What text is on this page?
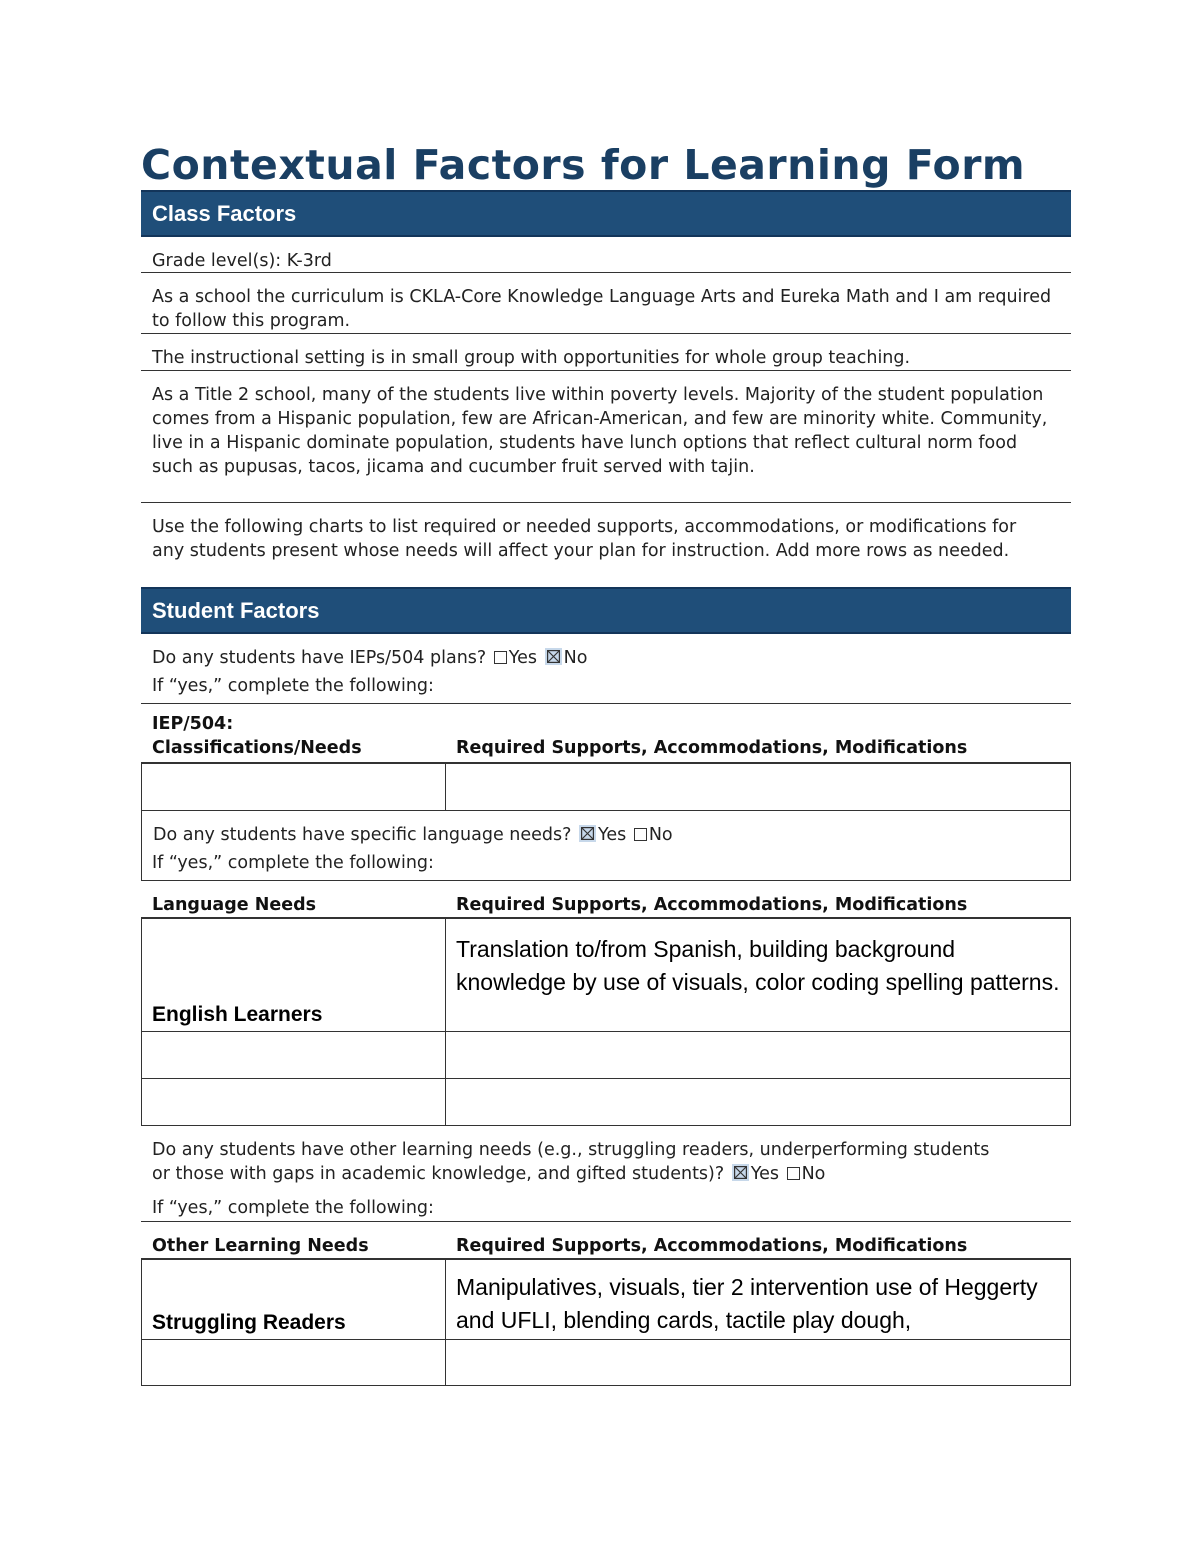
Contextual Factors for Learning Form
Class Factors
Grade level(s): K-3rd
As a school the curriculum is CKLA-Core Knowledge Language Arts and Eureka Math and I am required to follow this program.
The instructional setting is in small group with opportunities for whole group teaching.
As a Title 2 school, many of the students live within poverty levels. Majority of the student population comes from a Hispanic population, few are African-American, and few are minority white. Community, live in a Hispanic dominate population, students have lunch options that reflect cultural norm food such as pupusas, tacos, jicama and cucumber fruit served with tajin.
Use the following charts to list required or needed supports, accommodations, or modifications for any students present whose needs will affect your plan for instruction. Add more rows as needed.
Student Factors
Do any students have IEPs/504 plans? Yes No
If “yes,” complete the following:
IEP/504:
Classifications/Needs	Required Supports, Accommodations, Modifications

Do any students have specific language needs? Yes No
If “yes,” complete the following:
Language Needs	Required Supports, Accommodations, Modifications
English Learners	Translation to/from Spanish, building background knowledge by use of visuals, color coding spelling patterns.

Do any students have other learning needs (e.g., struggling readers, underperforming students or those with gaps in academic knowledge, and gifted students)? Yes No
If “yes,” complete the following:
Other Learning Needs	Required Supports, Accommodations, Modifications
Struggling Readers	Manipulatives, visuals, tier 2 intervention use of Heggerty and UFLI, blending cards, tactile play dough,
